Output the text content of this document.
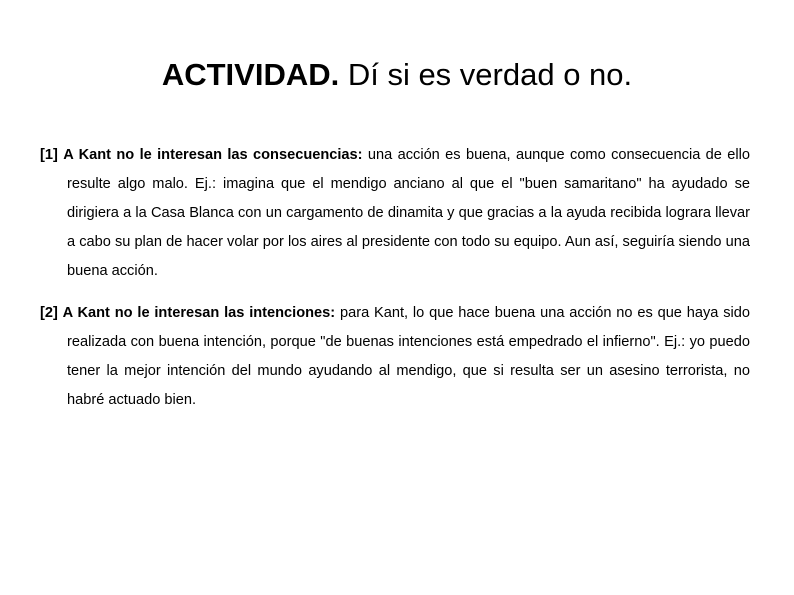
ACTIVIDAD. Dí si es verdad o no.

[1] A Kant no le interesan las consecuencias: una acción es buena, aunque como consecuencia de ello resulte algo malo. Ej.: imagina que el mendigo anciano al que el "buen samaritano" ha ayudado se dirigiera a la Casa Blanca con un cargamento de dinamita y que gracias a la ayuda recibida lograra llevar a cabo su plan de hacer volar por los aires al presidente con todo su equipo. Aun así, seguiría siendo una buena acción.

[2] A Kant no le interesan las intenciones: para Kant, lo que hace buena una acción no es que haya sido realizada con buena intención, porque "de buenas intenciones está empedrado el infierno". Ej.: yo puedo tener la mejor intención del mundo ayudando al mendigo, que si resulta ser un asesino terrorista, no habré actuado bien.
